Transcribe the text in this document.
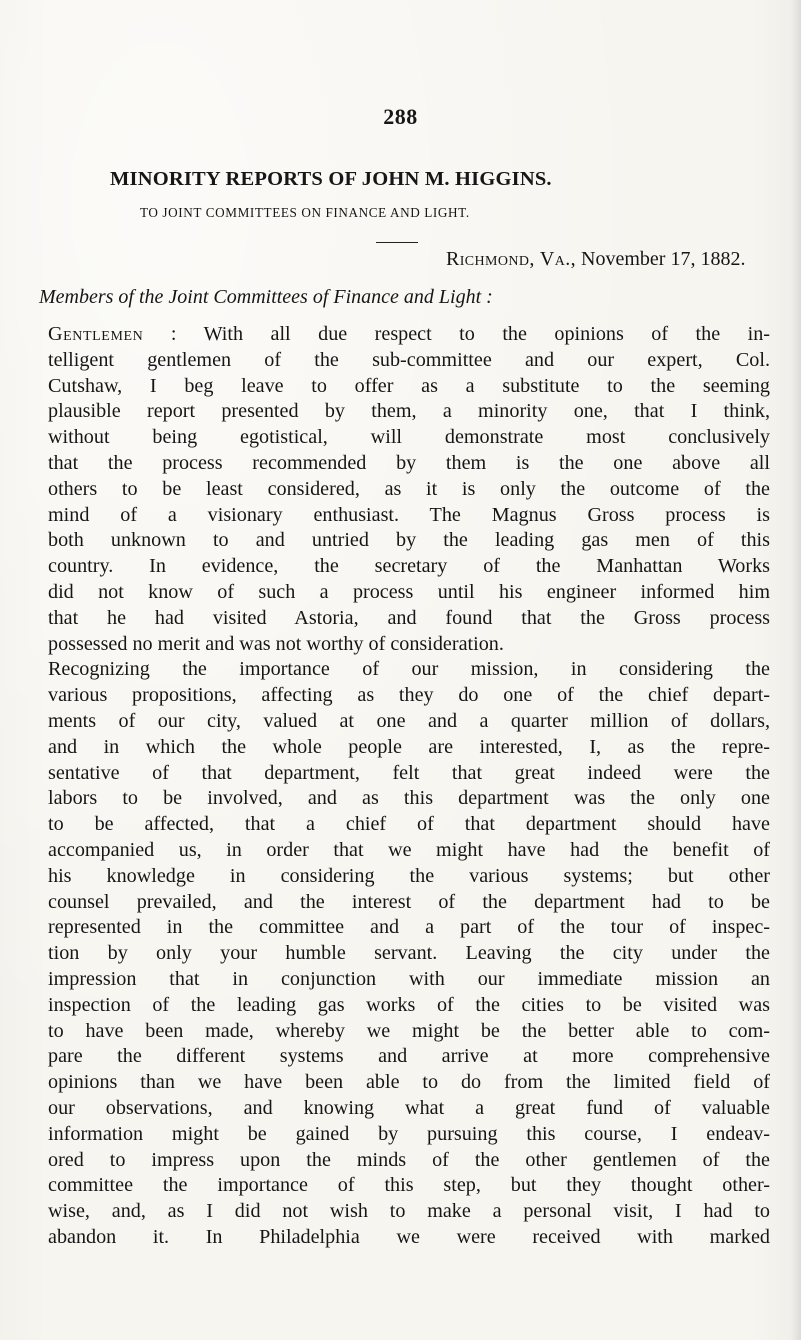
288
MINORITY REPORTS OF JOHN M. HIGGINS.
TO JOINT COMMITTEES ON FINANCE AND LIGHT.
Richmond, Va., November 17, 1882.
Members of the Joint Committees of Finance and Light :
Gentlemen : With all due respect to the opinions of the in-
telligent gentlemen of the sub-committee and our expert, Col.
Cutshaw, I beg leave to offer as a substitute to the seeming
plausible report presented by them, a minority one, that I think,
without being egotistical, will demonstrate most conclusively
that the process recommended by them is the one above all
others to be least considered, as it is only the outcome of the
mind of a visionary enthusiast. The Magnus Gross process is
both unknown to and untried by the leading gas men of this
country. In evidence, the secretary of the Manhattan Works
did not know of such a process until his engineer informed him
that he had visited Astoria, and found that the Gross process
possessed no merit and was not worthy of consideration.
Recognizing the importance of our mission, in considering the
various propositions, affecting as they do one of the chief depart-
ments of our city, valued at one and a quarter million of dollars,
and in which the whole people are interested, I, as the repre-
sentative of that department, felt that great indeed were the
labors to be involved, and as this department was the only one
to be affected, that a chief of that department should have
accompanied us, in order that we might have had the benefit of
his knowledge in considering the various systems; but other
counsel prevailed, and the interest of the department had to be
represented in the committee and a part of the tour of inspec-
tion by only your humble servant. Leaving the city under the
impression that in conjunction with our immediate mission an
inspection of the leading gas works of the cities to be visited was
to have been made, whereby we might be the better able to com-
pare the different systems and arrive at more comprehensive
opinions than we have been able to do from the limited field of
our observations, and knowing what a great fund of valuable
information might be gained by pursuing this course, I endeav-
ored to impress upon the minds of the other gentlemen of the
committee the importance of this step, but they thought other-
wise, and, as I did not wish to make a personal visit, I had to
abandon it. In Philadelphia we were received with marked
